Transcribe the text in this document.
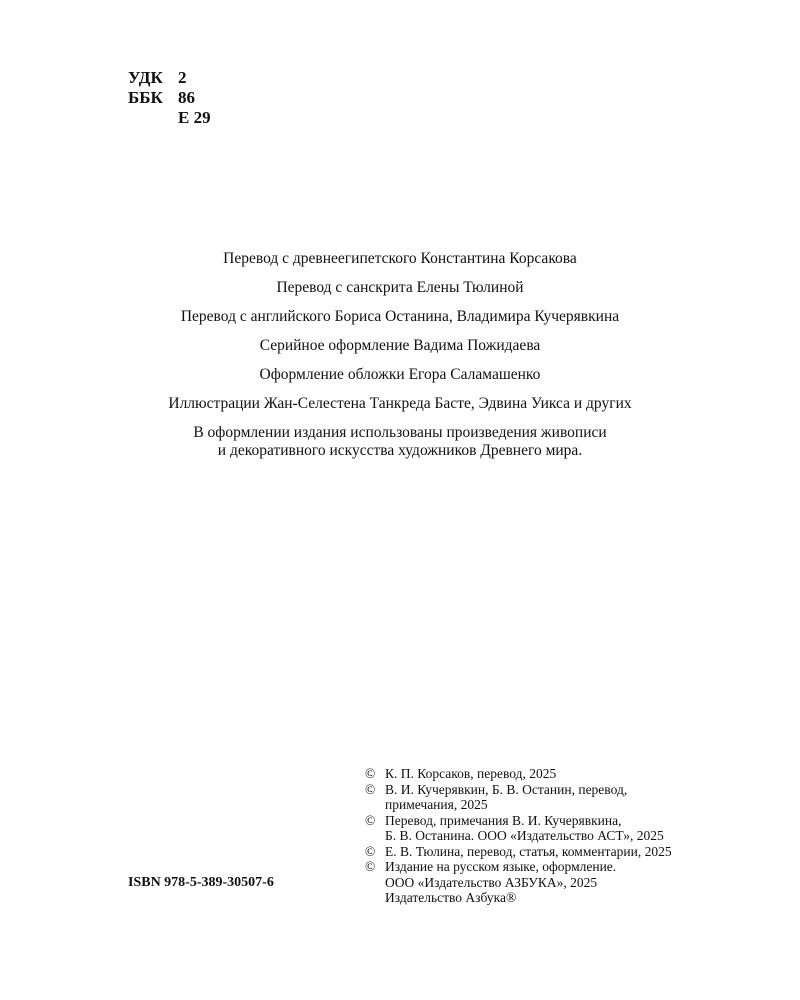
УДК 2
ББК 86
Е 29
Перевод с древнеегипетского Константина Корсакова
Перевод с санскрита Елены Тюлиной
Перевод с английского Бориса Останина, Владимира Кучерявкина
Серийное оформление Вадима Пожидаева
Оформление обложки Егора Саламашенко
Иллюстрации Жан-Селестена Танкреда Басте, Эдвина Уикса и других
В оформлении издания использованы произведения живописи
и декоративного искусства художников Древнего мира.
ISBN 978-5-389-30507-6
© К. П. Корсаков, перевод, 2025
© В. И. Кучерявкин, Б. В. Останин, перевод,
примечания, 2025
© Перевод, примечания В. И. Кучерявкина,
Б. В. Останина. ООО «Издательство АСТ», 2025
© Е. В. Тюлина, перевод, статья, комментарии, 2025
© Издание на русском языке, оформление.
ООО «Издательство АЗБУКА», 2025
Издательство Азбука®
